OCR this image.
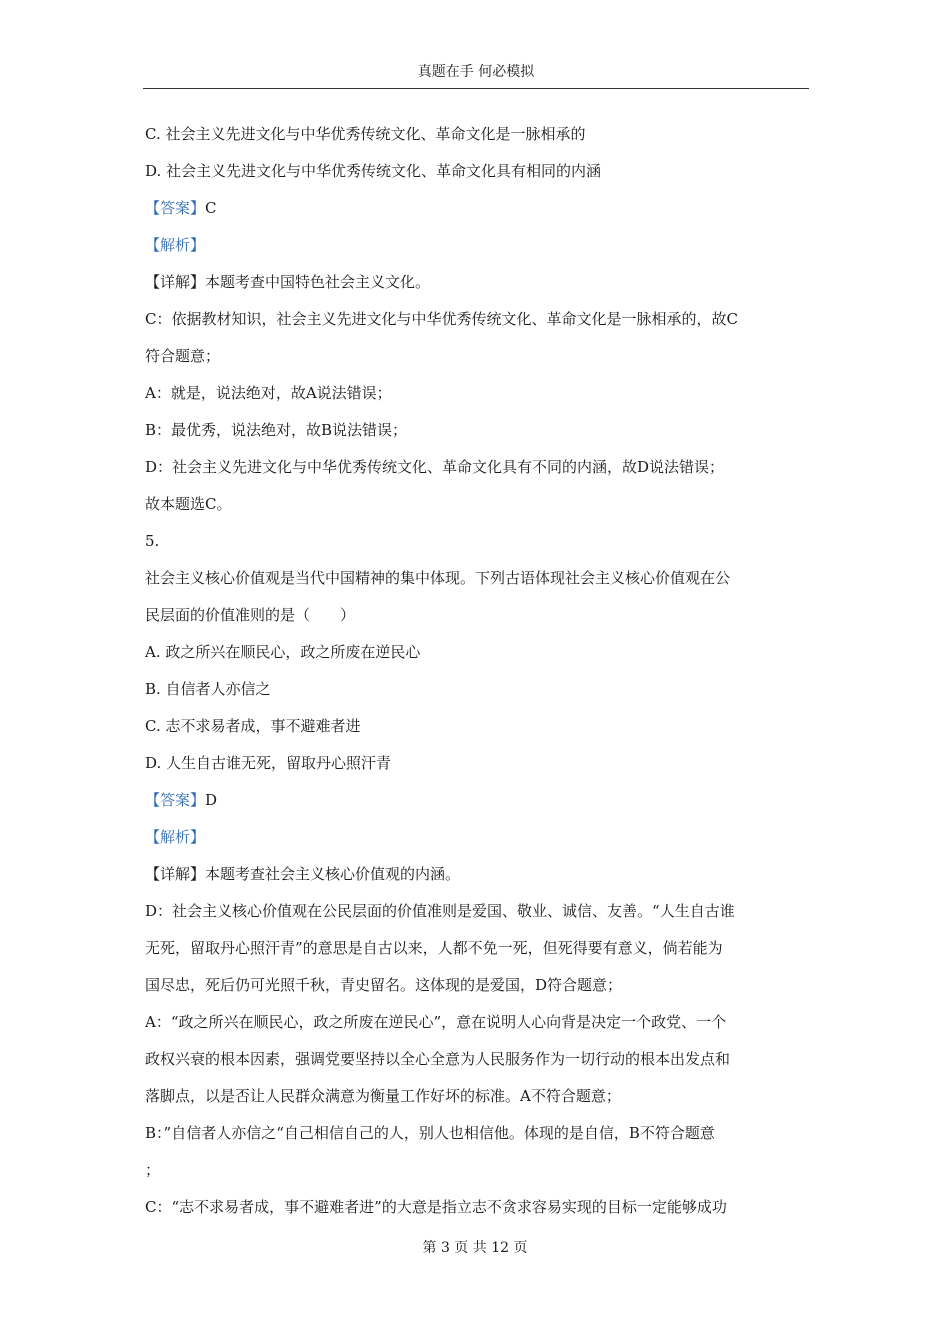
真题在手 何必模拟
C. 社会主义先进文化与中华优秀传统文化、革命文化是一脉相承的
D. 社会主义先进文化与中华优秀传统文化、革命文化具有相同的内涵
【答案】C
【解析】
【详解】本题考查中国特色社会主义文化。
C：依据教材知识，社会主义先进文化与中华优秀传统文化、革命文化是一脉相承的，故C
符合题意；
A：就是，说法绝对，故A说法错误；
B：最优秀，说法绝对，故B说法错误；
D：社会主义先进文化与中华优秀传统文化、革命文化具有不同的内涵，故D说法错误；
故本题选C。
5.
社会主义核心价值观是当代中国精神的集中体现。下列古语体现社会主义核心价值观在公
民层面的价值准则的是（　　）
A. 政之所兴在顺民心，政之所废在逆民心
B. 自信者人亦信之
C. 志不求易者成，事不避难者进
D. 人生自古谁无死，留取丹心照汗青
【答案】D
【解析】
【详解】本题考查社会主义核心价值观的内涵。
D：社会主义核心价值观在公民层面的价值准则是爱国、敬业、诚信、友善。“人生自古谁
无死，留取丹心照汗青”的意思是自古以来，人都不免一死，但死得要有意义，倘若能为
国尽忠，死后仍可光照千秋，青史留名。这体现的是爱国，D符合题意；
A：“政之所兴在顺民心，政之所废在逆民心”，意在说明人心向背是决定一个政党、一个
政权兴衰的根本因素，强调党要坚持以全心全意为人民服务作为一切行动的根本出发点和
落脚点，以是否让人民群众满意为衡量工作好坏的标准。A不符合题意；
B：”自信者人亦信之“自己相信自己的人，别人也相信他。体现的是自信，B不符合题意
；
C：“志不求易者成，事不避难者进”的大意是指立志不贪求容易实现的目标一定能够成功
第 3 页 共 12 页
